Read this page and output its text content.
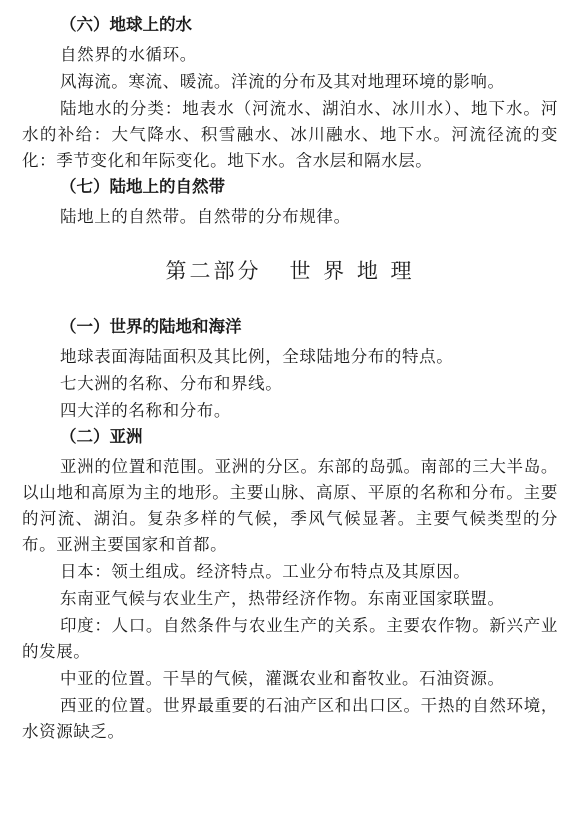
（六）地球上的水

自然界的水循环。

风海流。寒流、暖流。洋流的分布及其对地理环境的影响。

陆地水的分类：地表水（河流水、湖泊水、冰川水）、地下水。河水的补给：大气降水、积雪融水、冰川融水、地下水。河流径流的变化：季节变化和年际变化。地下水。含水层和隔水层。

（七）陆地上的自然带

陆地上的自然带。自然带的分布规律。

第二部分 世 界 地 理
（一）世界的陆地和海洋

地球表面海陆面积及其比例，全球陆地分布的特点。

七大洲的名称、分布和界线。

四大洋的名称和分布。

（二）亚洲

亚洲的位置和范围。亚洲的分区。东部的岛弧。南部的三大半岛。以山地和高原为主的地形。主要山脉、高原、平原的名称和分布。主要的河流、湖泊。复杂多样的气候，季风气候显著。主要气候类型的分布。亚洲主要国家和首都。

日本：领土组成。经济特点。工业分布特点及其原因。

东南亚气候与农业生产，热带经济作物。东南亚国家联盟。

印度：人口。自然条件与农业生产的关系。主要农作物。新兴产业的发展。

中亚的位置。干旱的气候，灌溉农业和畜牧业。石油资源。

西亚的位置。世界最重要的石油产区和出口区。干热的自然环境，水资源缺乏。
